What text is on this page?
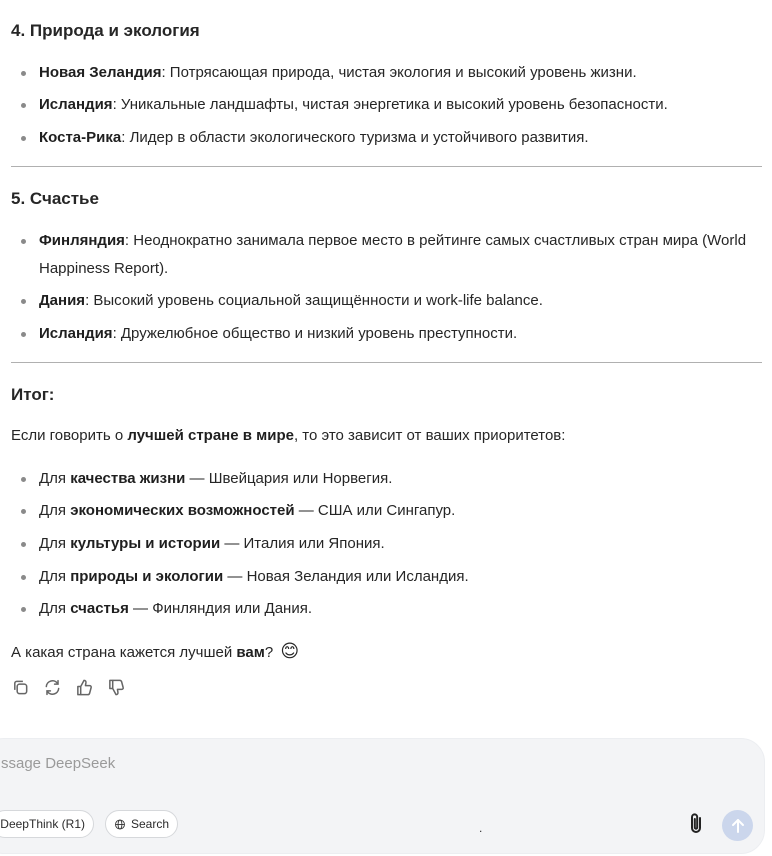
4. Природа и экология
Новая Зеландия: Потрясающая природа, чистая экология и высокий уровень жизни.
Исландия: Уникальные ландшафты, чистая энергетика и высокий уровень безопасности.
Коста-Рика: Лидер в области экологического туризма и устойчивого развития.
5. Счастье
Финляндия: Неоднократно занимала первое место в рейтинге самых счастливых стран мира (World Happiness Report).
Дания: Высокий уровень социальной защищённости и work-life balance.
Исландия: Дружелюбное общество и низкий уровень преступности.
Итог:
Если говорить о лучшей стране в мире, то это зависит от ваших приоритетов:
Для качества жизни — Швейцария или Норвегия.
Для экономических возможностей — США или Сингапур.
Для культуры и истории — Италия или Япония.
Для природы и экологии — Новая Зеландия или Исландия.
Для счастья — Финляндия или Дания.
А какая страна кажется лучшей вам? 😊
ssage DeepSeek
DeepThink (R1)	Search	.
